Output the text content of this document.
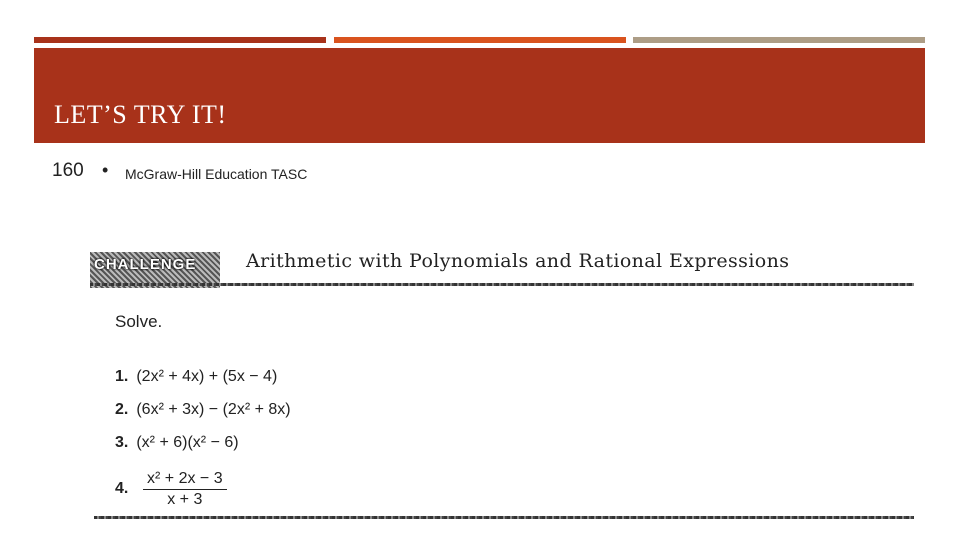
LET’S TRY IT!
160 • McGraw-Hill Education TASC
CHALLENGE	Arithmetic with Polynomials and Rational Expressions
Solve.
1. (2x² + 4x) + (5x − 4)
2. (6x² + 3x) − (2x² + 8x)
3. (x² + 6)(x² − 6)
4.
x² + 2x − 3
x + 3
